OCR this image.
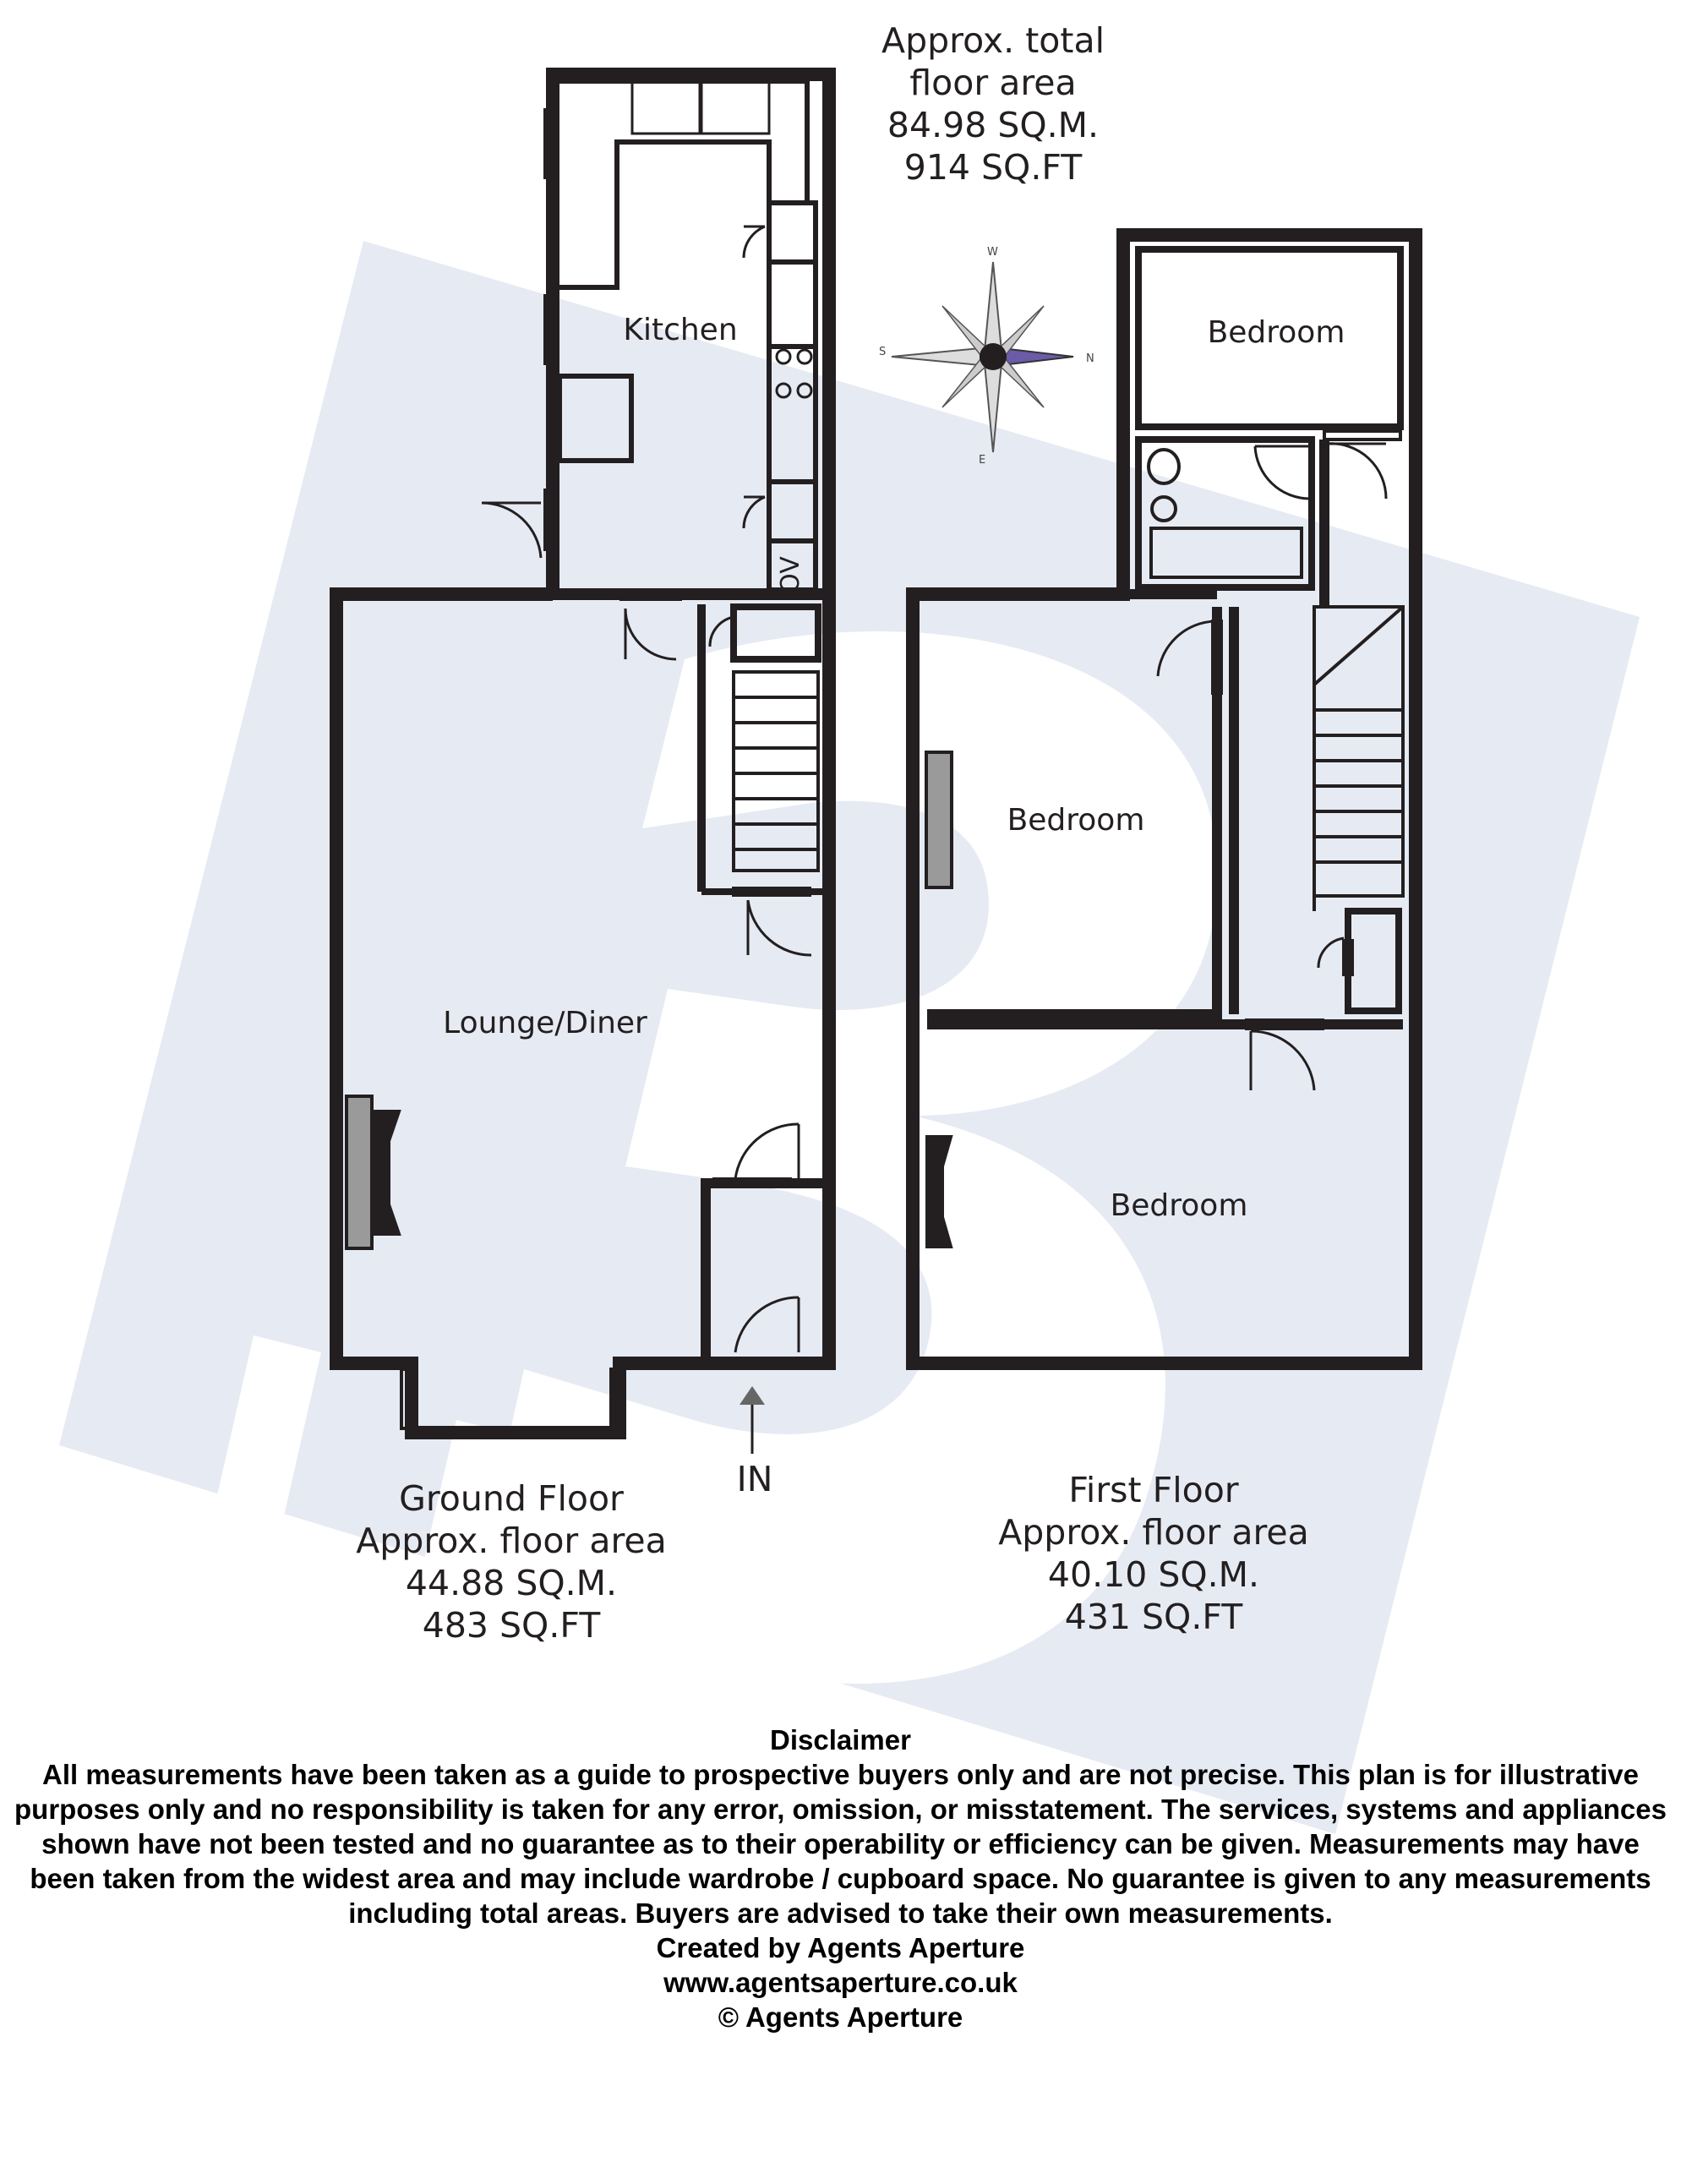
N
S
E
W
Approx. total
floor area
84.98 SQ.M.
914 SQ.FT
Kitchen
Lounge/Diner
OV
IN
Bedroom
Bedroom
Bedroom
Ground Floor
Approx. floor area
44.88 SQ.M.
483 SQ.FT
First Floor
Approx. floor area
40.10 SQ.M.
431 SQ.FT
Disclaimer
All measurements have been taken as a guide to prospective buyers only and are not precise. This plan is for illustrative purposes only and no responsibility is taken for any error, omission, or misstatement. The services, systems and appliances shown have not been tested and no guarantee as to their operability or efficiency can be given. Measurements may have been taken from the widest area and may include wardrobe / cupboard space. No guarantee is given to any measurements including total areas. Buyers are advised to take their own measurements.
Created by Agents Aperture
www.agentsaperture.co.uk
© Agents Aperture
